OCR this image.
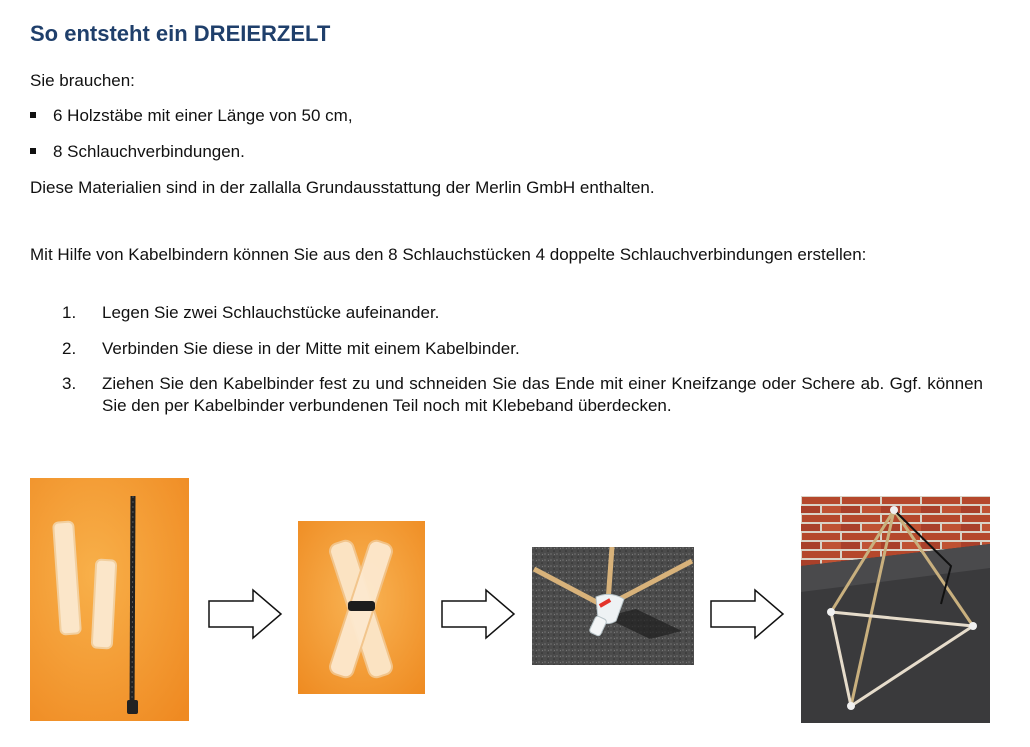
So entsteht ein DREIERZELT

Sie brauchen:

6 Holzstäbe mit einer Länge von 50 cm,
8 Schlauchverbindungen.

Diese Materialien sind in der zallalla Grundausstattung der Merlin GmbH enthalten.

Mit Hilfe von Kabelbindern können Sie aus den 8 Schlauchstücken 4 doppelte Schlauchverbindungen erstellen:

1.	Legen Sie zwei Schlauchstücke aufeinander.
2.	Verbinden Sie diese in der Mitte mit einem Kabelbinder.
3.	Ziehen Sie den Kabelbinder fest zu und schneiden Sie das Ende mit einer Kneifzange oder Schere ab. Ggf. können Sie den per Kabelbinder verbundenen Teil noch mit Klebeband überdecken.
